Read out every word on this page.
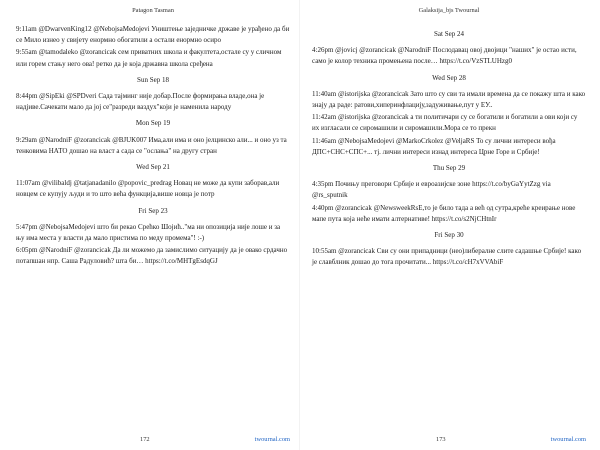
Patagon Tasman
9:11am @DwarvenKing12 @NebojsaMedojevi Уништење заједничке државе је урађено да би се Мило изнео у свијету енормно обогатили а остали енормно осиро
9:55am @tamodaleko @zorancicak сем приватних школа и факултета,остале су у сличном или горем стању него ова! ретко да је која државна школа сређена
Sun Sep 18
8:44pm @SipEki @SPDveri Сада тајминг није добар.После формирања владе,она је надјиве.Сачекати мало да јој се"разреди ваздух"који је наменила народу
Mon Sep 19
9:29am @NarodniF @zorancicak @BJUK007 Има,али има и оно јелцинско али... и оно уз та тенковима НАТО дошао на власт а сада се "ослања" на другу стран
Wed Sep 21
11:07am @vilibaldj @tatjanadanilo @popovic_predrag Новац не може да купи заборав,али новцем се купују људи и то што већа функција,више новца је потр
Fri Sep 23
5:47pm @NebojsaMedojevi што би рекао Срећко Шојић.."ма ни опозиција није лоше и за њу има места у власти да мало пристима по меду промема"! :-)
6:05pm @NarodniF @zorancicak Да ли можемо да замислимо ситуацију да је овако срдачно потапшан нпр. Саша Радуловић? шта би… https://t.co/MHTgEsdqGJ
172	twournal.com
Galaksija_bjs Twournal
Sat Sep 24
4:26pm @jovicj @zorancicak @NarodniF Послодавац овој двојици "наших" је остао исти, само је колор техника промењена после… https://t.co/VzSTLUHzg0
Wed Sep 28
11:40am @istorijska @zorancicak Зато што су сви та имали времена да се покажу шта и како знају да раде: ратови,хиперинфлацију,задуживање,пут у ЕУ..
11:42am @istorijska @zorancicak а ти политичари су се богатили и богатили а ови који су их изгласали се сиромашили и сиромашили.Мора се то прекн
11:46am @NebojsaMedojevi @MarkoCrkolez @VeljaRS То су лични интереси вођа ДПС+СНС+СПС+... тј. лични интереси изнад интереса Црне Горе и Србије!
Thu Sep 29
4:35pm Почињу преговори Србије и евроазијске зоне https://t.co/byGaYytZzg via @rs_sputnik
4:40pm @zorancicak @NewsweekRsE,то је било тада а већ од сутра,креће креирање нове мапе пута која неће имати алтернативе! https://t.co/s2NjCHtnIr
Fri Sep 30
10:55am @zorancicak Сви су они припадници (нео)либералне слите садашње Србије! како је славблник дошао до тога прочитати... https://t.co/cH7xVVAbiF
173	twournal.com
